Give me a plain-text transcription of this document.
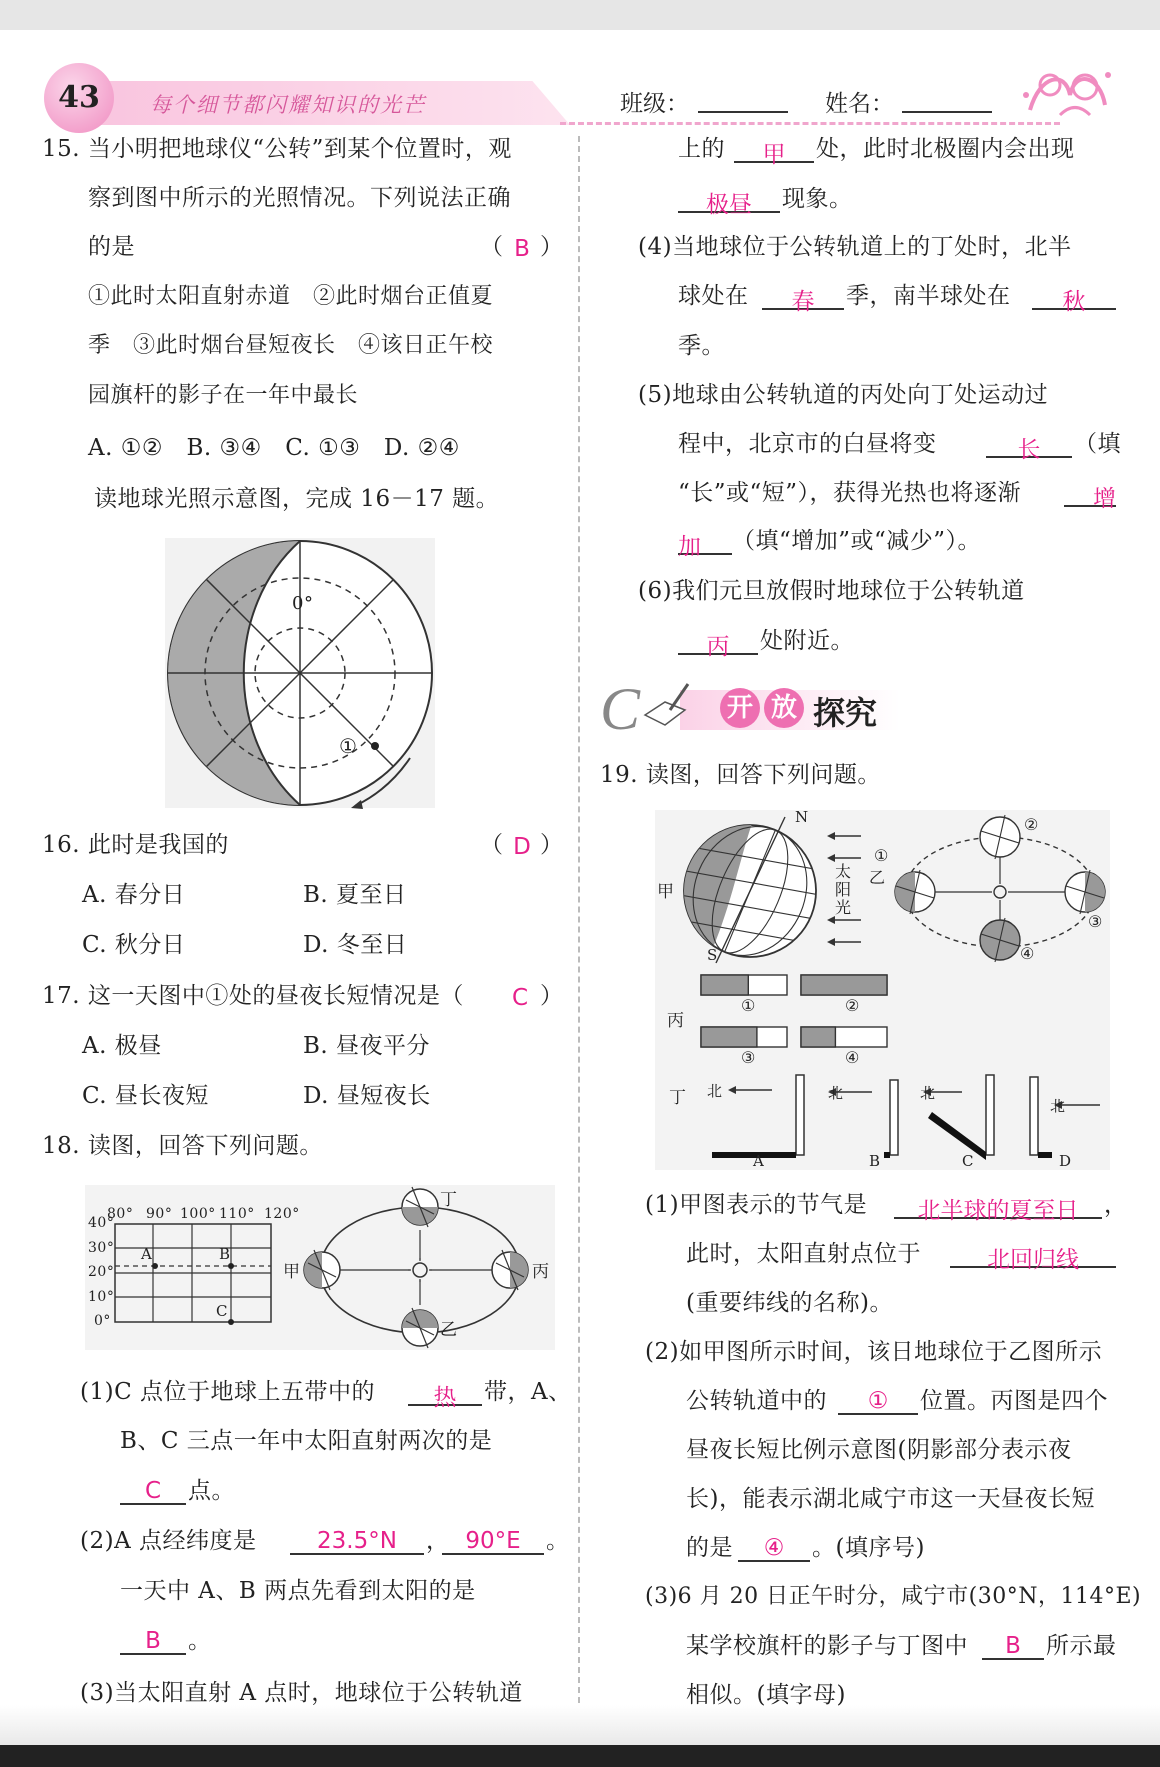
43	每个细节都闪耀知识的光芒	班级：	姓名：
15. 当小明把地球仪“公转”到某个位置时，观
察到图中所示的光照情况。下列说法正确
的是	（ B ）
①此时太阳直射赤道　②此时烟台正值夏
季　③此时烟台昼短夜长　④该日正午校
园旗杆的影子在一年中最长
A. ①②　B. ③④　C. ①③　D. ②④
读地球光照示意图，完成 16－17 题。
0°
①
16. 此时是我国的	（ D ）
A. 春分日	B. 夏至日
C. 秋分日	D. 冬至日
17. 这一天图中①处的昼夜长短情况是（ C ）
A. 极昼	B. 昼夜平分
C. 昼长夜短	D. 昼短夜长
18. 读图，回答下列问题。
80° 90° 100° 110° 120°
40°
30°
20°
10°
0°
A	B
C
甲
乙
丙
丁
(1)C 点位于地球上五带中的	热	带，A、
B、C 三点一年中太阳直射两次的是
C	点。
(2)A 点经纬度是	23.5°N	， 90°E	。
一天中 A、B 两点先看到太阳的是
B	。
(3)当太阳直射 A 点时，地球位于公转轨道
上的	甲	处，此时北极圈内会出现
极昼	现象。
(4)当地球位于公转轨道上的丁处时，北半
球处在	春	季，南半球处在	秋
季。
(5)地球由公转轨道的丙处向丁处运动过
程中，北京市的白昼将变	长	（填
“长”或“短”），获得光热也将逐渐	增
加	（填“增加”或“减少”）。
(6)我们元旦放假时地球位于公转轨道
丙	处附近。
C	开 放 探究
19. 读图，回答下列问题。
N
S
甲
太
阳
光
乙
①
②
③
④
丙
①	②
③	④
丁 北	北	北
北
A	B	C	D
(1)甲图表示的节气是	北半球的夏至日	，
此时，太阳直射点位于	北回归线
(重要纬线的名称)。
(2)如甲图所示时间，该日地球位于乙图所示
公转轨道中的	①	位置。丙图是四个
昼夜长短比例示意图(阴影部分表示夜
长)，能表示湖北咸宁市这一天昼夜长短
的是	④	。(填序号)
(3)6 月 20 日正午时分，咸宁市(30°N，114°E)
某学校旗杆的影子与丁图中	B	所示最
相似。(填字母)
